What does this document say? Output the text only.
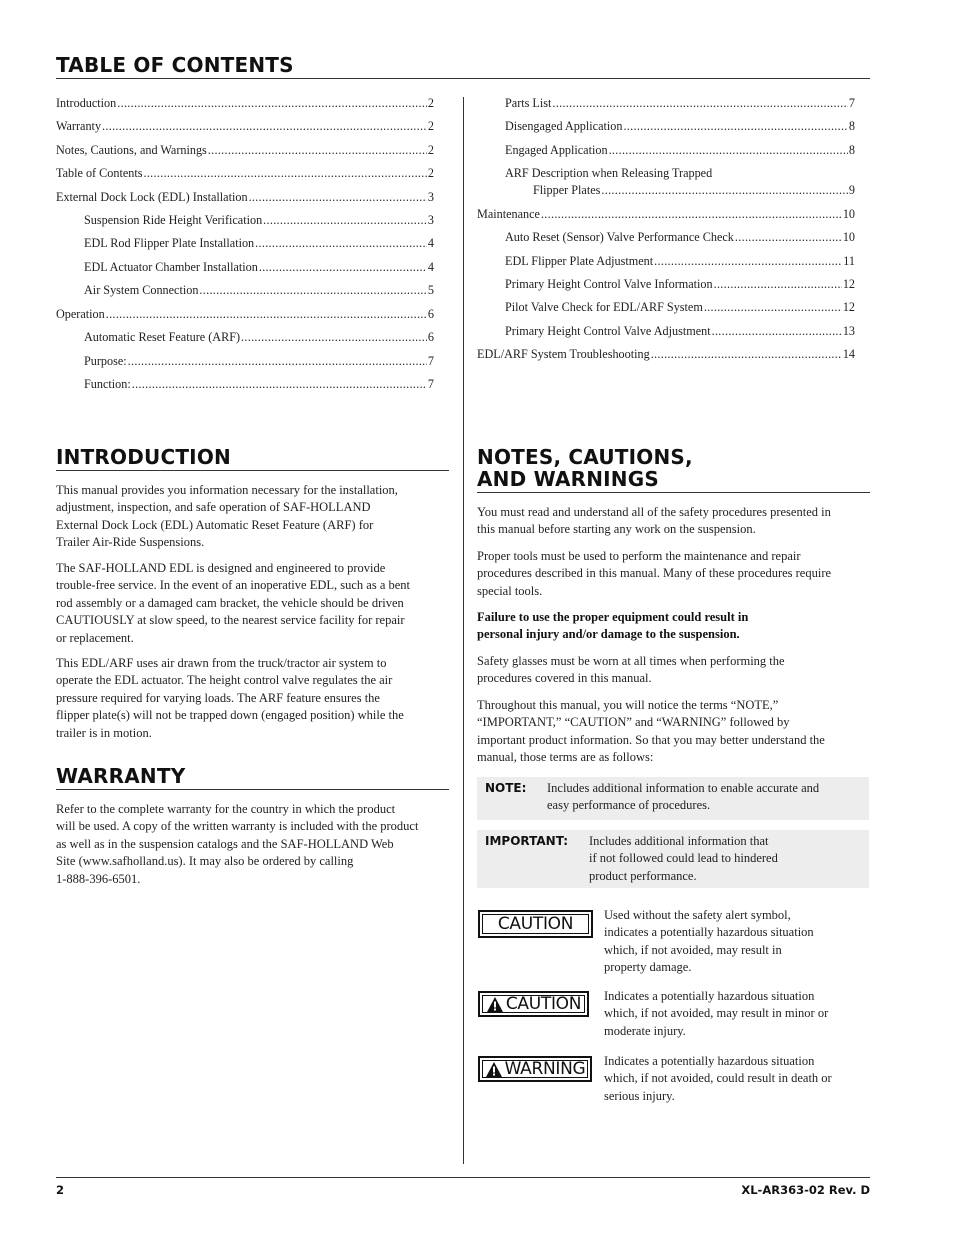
TABLE OF CONTENTS
Introduction .....	2
Warranty .....	2
Notes, Cautions, and Warnings .....	2
Table of Contents .....	2
External Dock Lock (EDL) Installation .....	3
Suspension Ride Height Verification .....	3
EDL Rod Flipper Plate Installation .....	4
EDL Actuator Chamber Installation .....	4
Air System Connection .....	5
Operation .....	6
Automatic Reset Feature (ARF) .....	6
Purpose: .....	7
Function: .....	7
Parts List .....	7
Disengaged Application .....	8
Engaged Application .....	8
ARF Description when Releasing Trapped
Flipper Plates .....	9
Maintenance .....	10
Auto Reset (Sensor) Valve Performance Check .....	10
EDL Flipper Plate Adjustment .....	11
Primary Height Control Valve Information .....	12
Pilot Valve Check for EDL/ARF System .....	12
Primary Height Control Valve Adjustment .....	13
EDL/ARF System Troubleshooting .....	14
INTRODUCTION
This manual provides you information necessary for the installation,
adjustment, inspection, and safe operation of SAF-HOLLAND
External Dock Lock (EDL) Automatic Reset Feature (ARF) for
Trailer Air-Ride Suspensions.
The SAF-HOLLAND EDL is designed and engineered to provide
trouble-free service. In the event of an inoperative EDL, such as a bent
rod assembly or a damaged cam bracket, the vehicle should be driven
CAUTIOUSLY at slow speed, to the nearest service facility for repair
or replacement.
This EDL/ARF uses air drawn from the truck/tractor air system to
operate the EDL actuator. The height control valve regulates the air
pressure required for varying loads. The ARF feature ensures the
flipper plate(s) will not be trapped down (engaged position) while the
trailer is in motion.
WARRANTY
Refer to the complete warranty for the country in which the product
will be used. A copy of the written warranty is included with the product
as well as in the suspension catalogs and the SAF-HOLLAND Web
Site (www.safholland.us). It may also be ordered by calling
1-888-396-6501.
NOTES, CAUTIONS,
AND WARNINGS
You must read and understand all of the safety procedures presented in
this manual before starting any work on the suspension.
Proper tools must be used to perform the maintenance and repair
procedures described in this manual. Many of these procedures require
special tools.
Failure to use the proper equipment could result in
personal injury and/or damage to the suspension.
Safety glasses must be worn at all times when performing the
procedures covered in this manual.
Throughout this manual, you will notice the terms “NOTE,”
“IMPORTANT,” “CAUTION” and “WARNING” followed by
important product information. So that you may better understand the
manual, those terms are as follows:
NOTE: Includes additional information to enable accurate and
easy performance of procedures.
IMPORTANT: Includes additional information that
if not followed could lead to hindered
product performance.
CAUTION Used without the safety alert symbol,
indicates a potentially hazardous situation
which, if not avoided, may result in
property damage.
CAUTION Indicates a potentially hazardous situation
which, if not avoided, may result in minor or
moderate injury.
WARNING Indicates a potentially hazardous situation
which, if not avoided, could result in death or
serious injury.
2	XL-AR363-02 Rev. D
